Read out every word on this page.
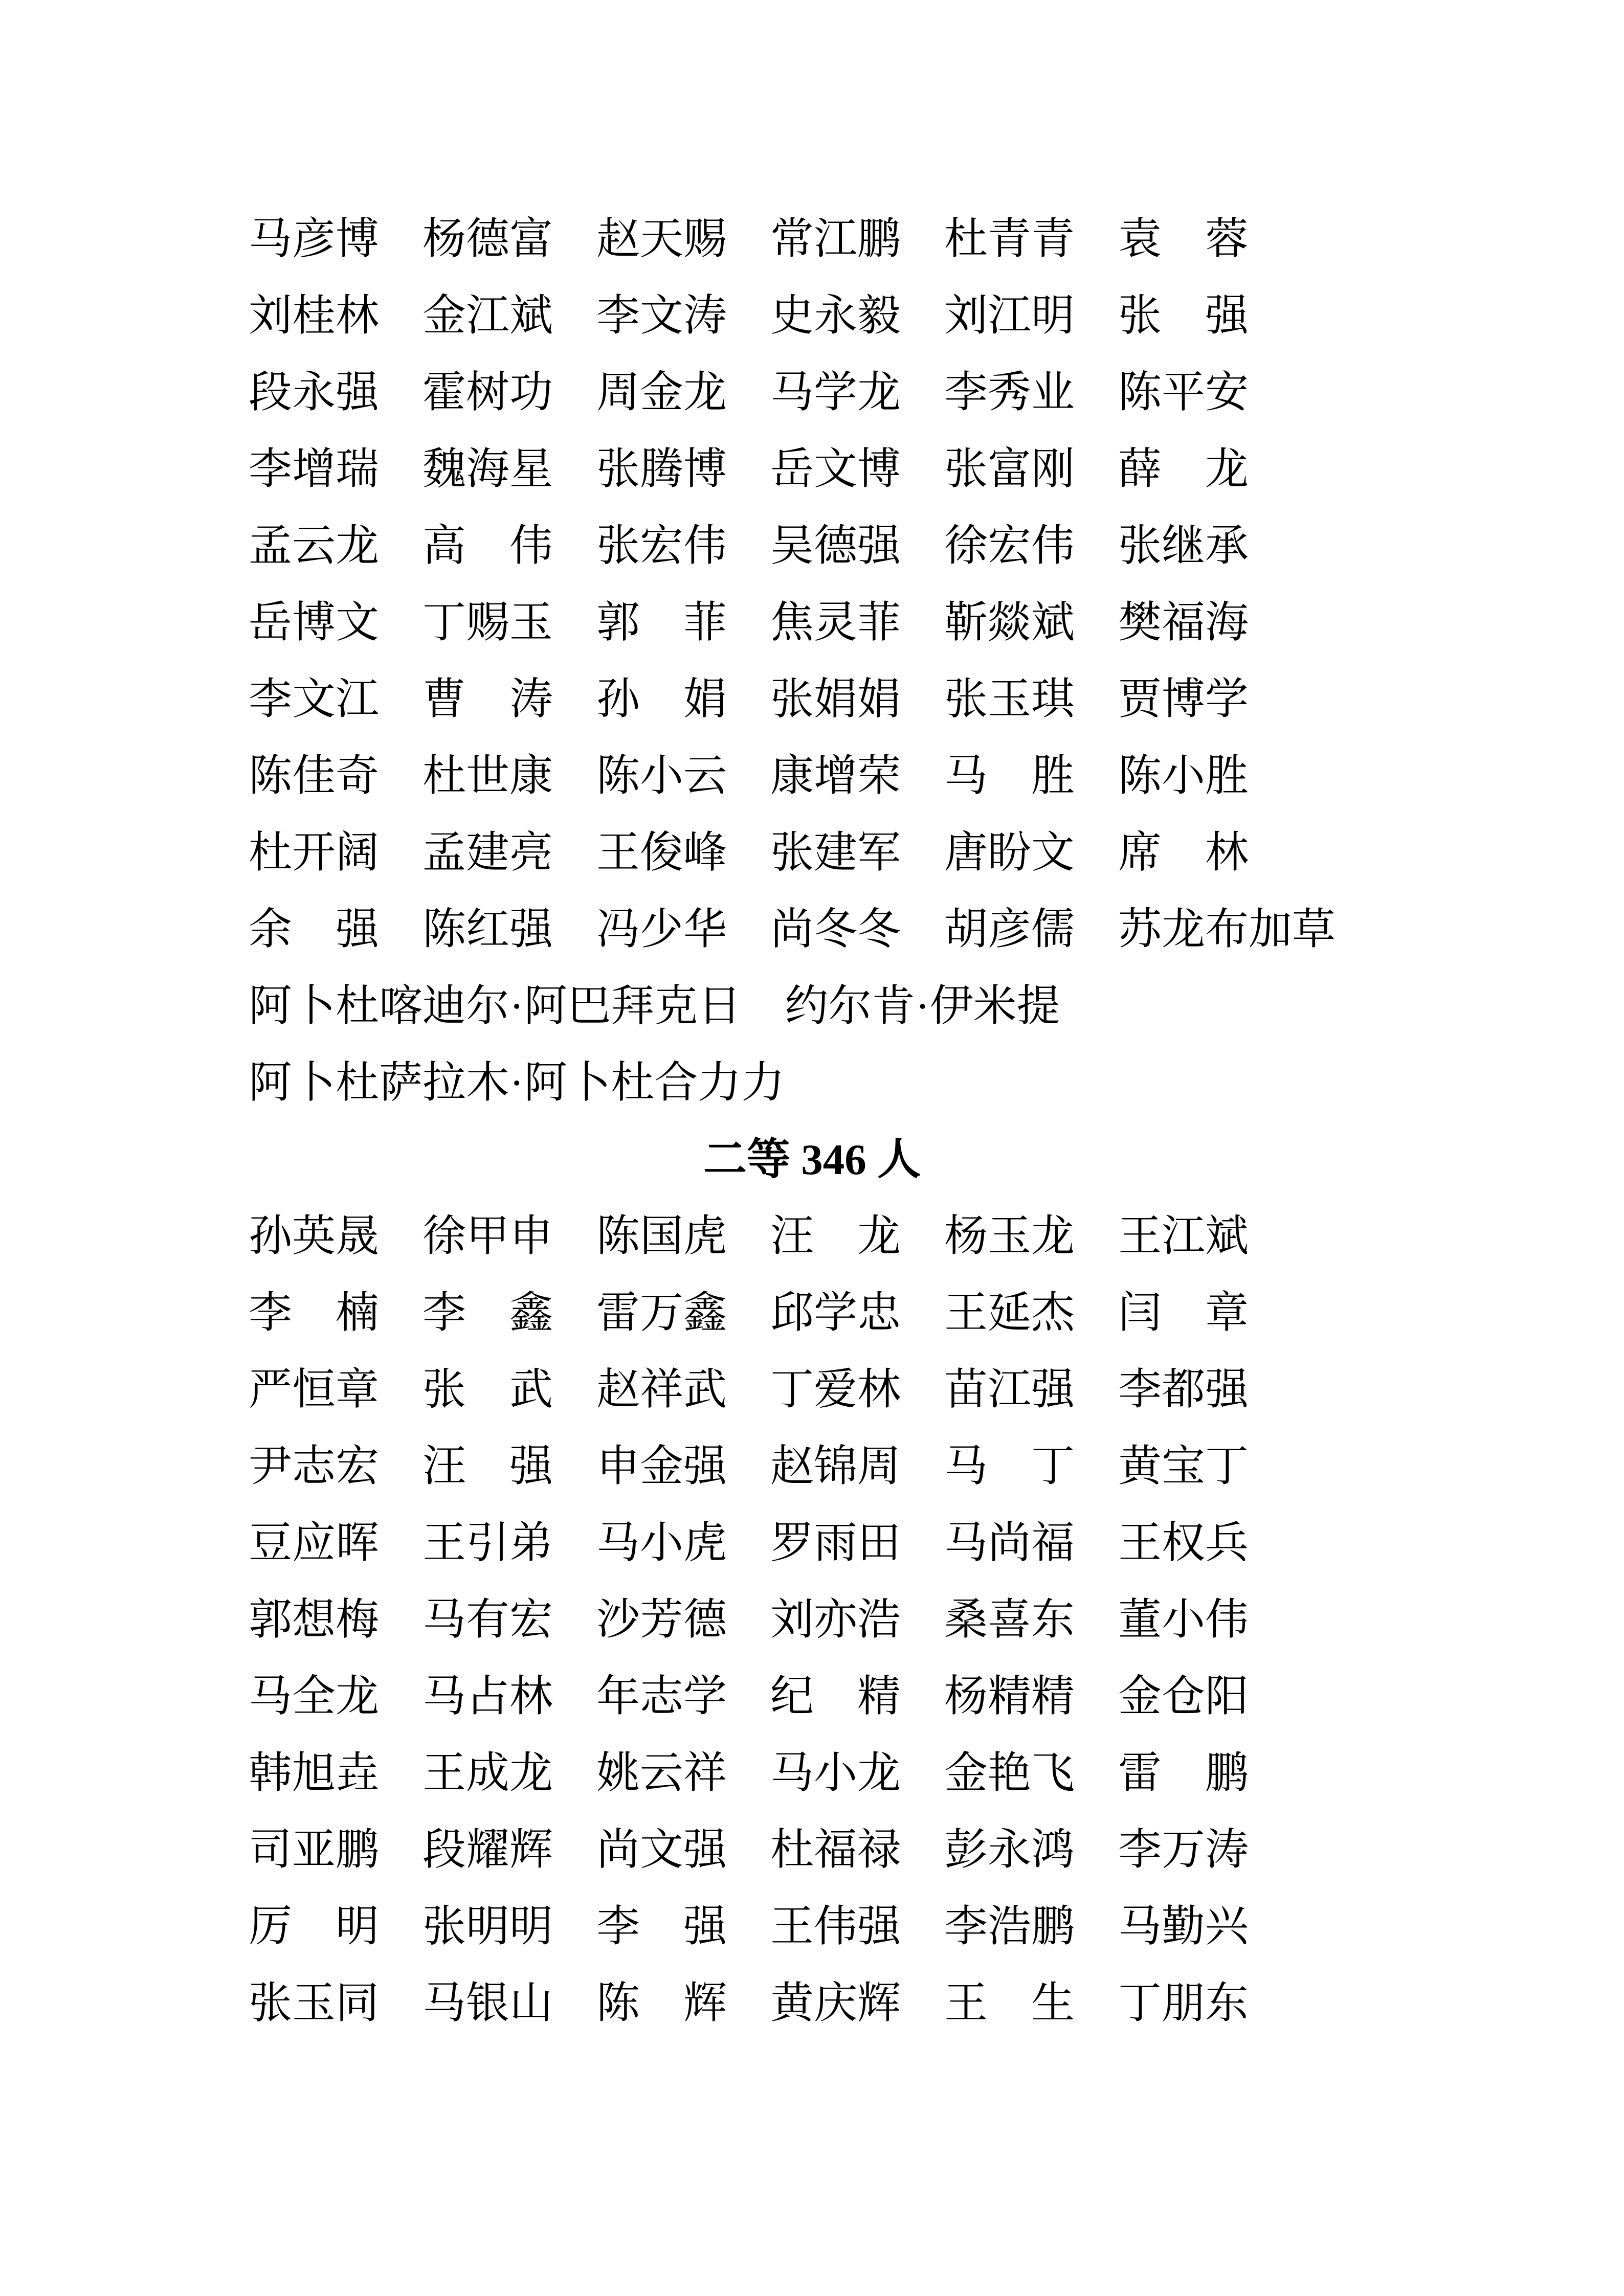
马彦博 杨德富 赵天赐 常江鹏 杜青青 袁　蓉
刘桂林 金江斌 李文涛 史永毅 刘江明 张　强
段永强 霍树功 周金龙 马学龙 李秀业 陈平安
李增瑞 魏海星 张腾博 岳文博 张富刚 薛　龙
孟云龙 高　伟 张宏伟 吴德强 徐宏伟 张继承
岳博文 丁赐玉 郭　菲 焦灵菲 靳燚斌 樊福海
李文江 曹　涛 孙　娟 张娟娟 张玉琪 贾博学
陈佳奇 杜世康 陈小云 康增荣 马　胜 陈小胜
杜开阔 孟建亮 王俊峰 张建军 唐盼文 席　林
余　强 陈红强 冯少华 尚冬冬 胡彦儒 苏龙布加草
阿卜杜喀迪尔·阿巴拜克日 约尔肯·伊米提
阿卜杜萨拉木·阿卜杜合力力
二等 346 人
孙英晟 徐甲申 陈国虎 汪　龙 杨玉龙 王江斌
李　楠 李　鑫 雷万鑫 邱学忠 王延杰 闫　章
严恒章 张　武 赵祥武 丁爱林 苗江强 李都强
尹志宏 汪　强 申金强 赵锦周 马　丁 黄宝丁
豆应晖 王引弟 马小虎 罗雨田 马尚福 王权兵
郭想梅 马有宏 沙芳德 刘亦浩 桑喜东 董小伟
马全龙 马占林 年志学 纪　精 杨精精 金仓阳
韩旭垚 王成龙 姚云祥 马小龙 金艳飞 雷　鹏
司亚鹏 段耀辉 尚文强 杜福禄 彭永鸿 李万涛
厉　明 张明明 李　强 王伟强 李浩鹏 马勤兴
张玉同 马银山 陈　辉 黄庆辉 王　生 丁朋东
